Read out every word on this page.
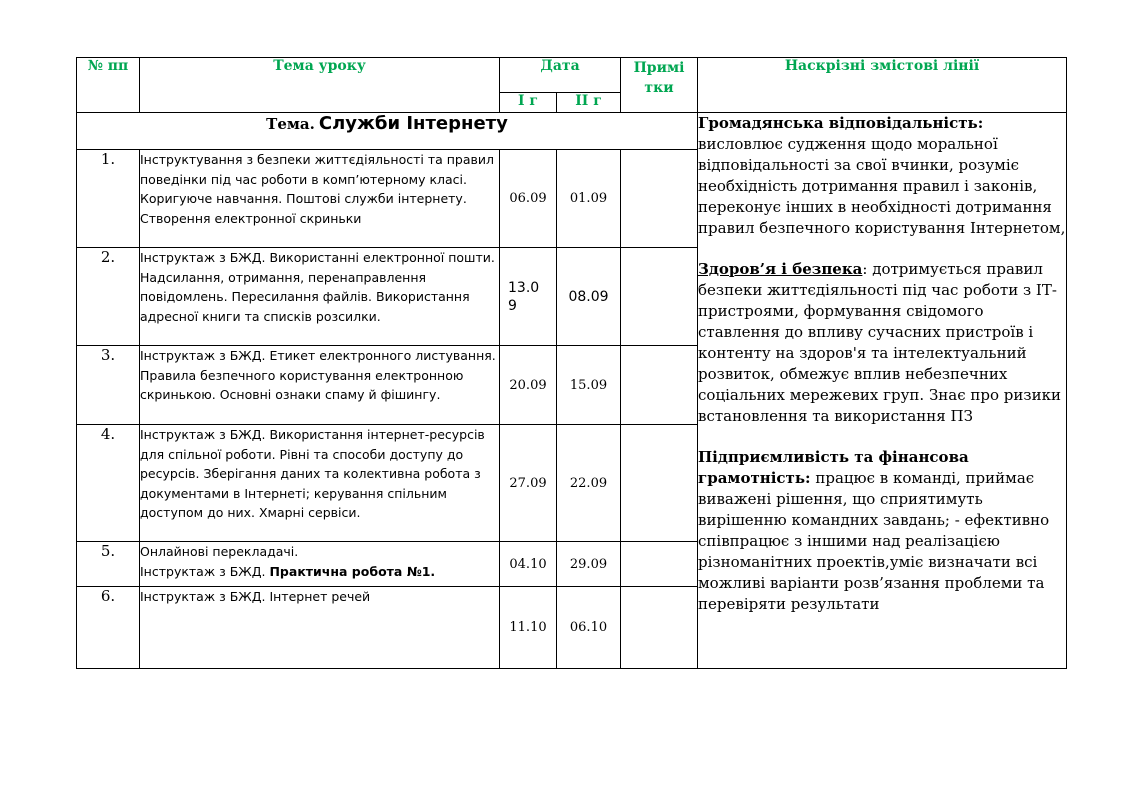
№ пп	Тема уроку	Дата		Примі тки	Наскрізні змістові лінії
		І г	ІІ г		
Тема. Служби Інтернету					Громадянська відповідальність:
висловлює судження щодо моральної відповідальності за свої вчинки, розуміє необхідність дотримання правил і законів, переконує інших в необхідності дотримання правил безпечного користування Інтернетом,

Здоров’я і безпека: дотримується правил безпеки життєдіяльності під час роботи з ІТ-пристроями, формування свідомого ставлення до впливу сучасних пристроїв і контенту на здоров'я та інтелектуальний розвиток, обмежує вплив небезпечних соціальних мережевих груп. Знає про ризики встановлення та використання ПЗ

Підприємливість та фінансова грамотність: працює в команді, приймає виважені рішення, що сприятимуть вирішенню командних завдань; - ефективно співпрацює з іншими над реалізацією різноманітних проектів,уміє визначати всі можливі варіанти розв’язання проблеми та перевіряти результати

1.	Інструктування з безпеки життєдіяльності та правил поведінки під час роботи в комп’ютерному класі. Коригуюче навчання. Поштові служби інтернету. Створення електронної скриньки	06.09	01.09		
2.	Інструктаж з БЖД. Використанні електронної пошти. Надсилання, отримання, перенаправлення повідомлень. Пересилання файлів. Використання адресної книги та списків розсилки.	13.09	08.09		
3.	Інструктаж з БЖД. Етикет електронного листування. Правила безпечного користування електронною скринькою. Основні ознаки спаму й фішингу.	20.09	15.09		
4.	Інструктаж з БЖД. Використання інтернет-ресурсів для спільної роботи. Рівні та способи доступу до ресурсів. Зберігання даних та колективна робота з документами в Інтернеті; керування спільним доступом до них. Хмарні сервіси.	27.09	22.09		
5.	Онлайнові перекладачі.
Інструктаж з БЖД. Практична робота №1.	04.10	29.09		
6.	Інструктаж з БЖД. Інтернет речей	11.10	06.10		
